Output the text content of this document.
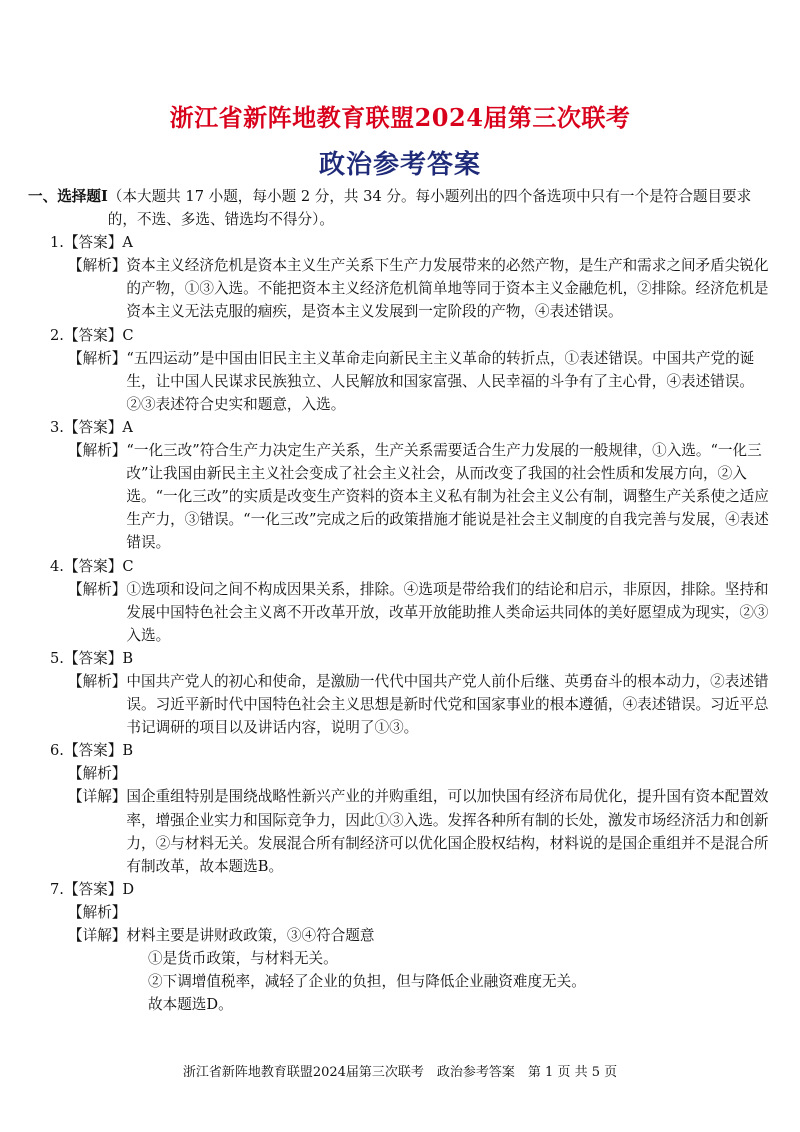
浙江省新阵地教育联盟2024届第三次联考
政治参考答案
一、选择题Ⅰ （本大题共 17 小题，每小题 2 分，共 34 分。每小题列出的四个备选项中只有一个是符合题目要求的，不选、多选、错选均不得分）。
1.【答案】A
【解析】 资本主义经济危机是资本主义生产关系下生产力发展带来的必然产物，是生产和需求之间矛盾尖锐化的产物，①③入选。不能把资本主义经济危机简单地等同于资本主义金融危机，②排除。经济危机是资本主义无法克服的痼疾，是资本主义发展到一定阶段的产物，④表述错误。
2.【答案】C
【解析】 “五四运动”是中国由旧民主主义革命走向新民主主义革命的转折点，①表述错误。中国共产党的诞生，让中国人民谋求民族独立、人民解放和国家富强、人民幸福的斗争有了主心骨，④表述错误。 ②③表述符合史实和题意，入选。
3.【答案】A
【解析】 “一化三改”符合生产力决定生产关系，生产关系需要适合生产力发展的一般规律，①入选。“一化三改”让我国由新民主主义社会变成了社会主义社会，从而改变了我国的社会性质和发展方向，②入选。“一化三改”的实质是改变生产资料的资本主义私有制为社会主义公有制，调整生产关系使之适应生产力，③错误。“一化三改”完成之后的政策措施才能说是社会主义制度的自我完善与发展，④表述错误。
4.【答案】C
【解析】 ①选项和设问之间不构成因果关系，排除。④选项是带给我们的结论和启示，非原因，排除。坚持和发展中国特色社会主义离不开改革开放，改革开放能助推人类命运共同体的美好愿望成为现实，②③入选。
5.【答案】B
【解析】 中国共产党人的初心和使命，是激励一代代中国共产党人前仆后继、英勇奋斗的根本动力，②表述错误。习近平新时代中国特色社会主义思想是新时代党和国家事业的根本遵循，④表述错误。习近平总书记调研的项目以及讲话内容，说明了①③。
6.【答案】B
【解析】
【详解】 国企重组特别是围绕战略性新兴产业的并购重组，可以加快国有经济布局优化，提升国有资本配置效率，增强企业实力和国际竞争力，因此①③入选。发挥各种所有制的长处，激发市场经济活力和创新力，②与材料无关。发展混合所有制经济可以优化国企股权结构，材料说的是国企重组并不是混合所有制改革，故本题选B。
7.【答案】D
【解析】
【详解】 材料主要是讲财政政策，③④符合题意
①是货币政策，与材料无关。
②下调增值税率，减轻了企业的负担，但与降低企业融资难度无关。
故本题选D。
浙江省新阵地教育联盟2024届第三次联考　政治参考答案　第 1 页 共 5 页
